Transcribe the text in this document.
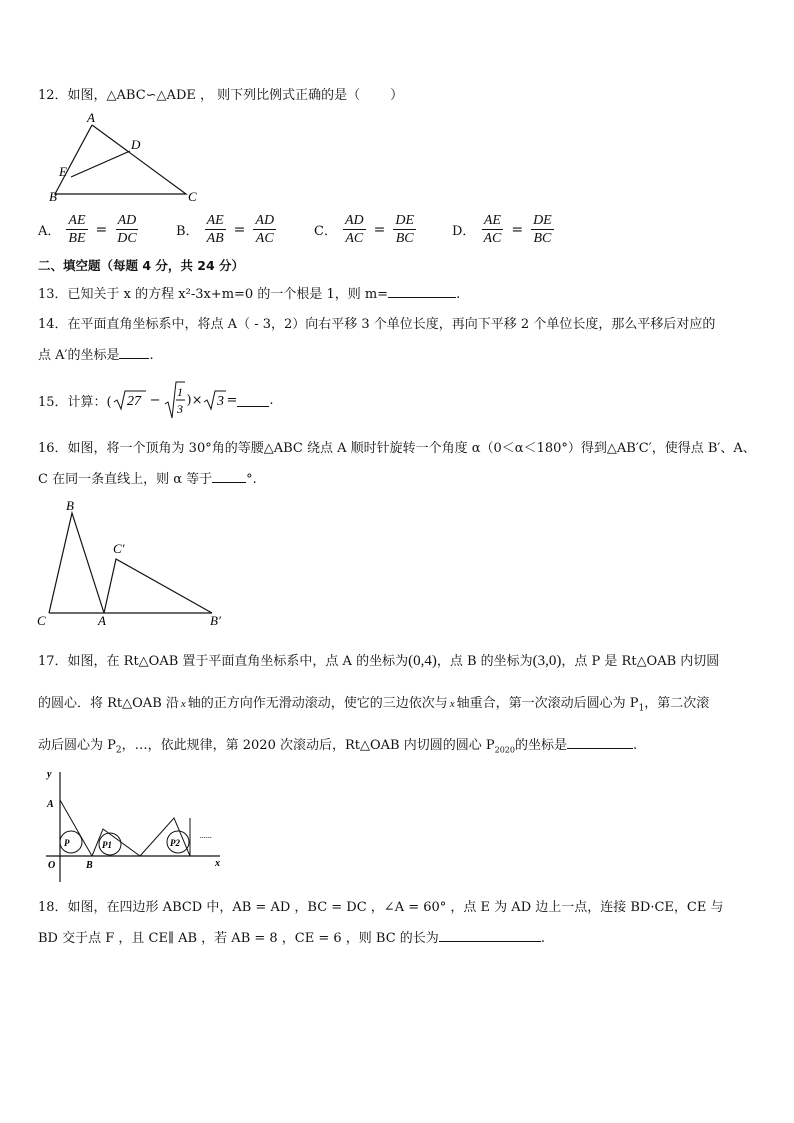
12．如图，△ABC∽△ADE ， 则下列比例式正确的是（ ）
A
B	C
D
E
A． $\frac{AE}{BE} = \frac{AD}{DC}$	B． $\frac{AE}{AB} = \frac{AD}{AC}$	C． $\frac{AD}{AC} = \frac{DE}{BC}$	D． $\frac{AE}{AC} = \frac{DE}{BC}$
二、填空题（每题 4 分，共 24 分）
13．已知关于 x 的方程 x²-3x+m=0 的一个根是 1，则 m=	.
14．在平面直角坐标系中，将点 A（ - 3，2）向右平移 3 个单位长度，再向下平移 2 个单位长度，那么平移后对应的
点 A′的坐标是 .
15．计算：( 27 −
1
3
)× 3 = .
16．如图，将一个顶角为 30°角的等腰△ABC 绕点 A 顺时针旋转一个角度 α（0＜α＜180°）得到△AB′C′，使得点 B′、A、
C 在同一条直线上，则 α 等于	°.
B
C′
C	A	B′
17．如图，在 Rt△OAB 置于平面直角坐标系中，点 A 的坐标为(0,4)，点 B 的坐标为(3,0)，点 P 是 Rt△OAB 内切圆
的圆心．将 Rt△OAB 沿 x 轴的正方向作无滑动滚动，使它的三边依次与 x 轴重合，第一次滚动后圆心为 $P_1$，第二次滚
动后圆心为 $P_2$，…，依此规律，第 2020 次滚动后，Rt△OAB 内切圆的圆心 $P_{2020}$的坐标是	.
y
x
A
O	B
P	P1	P2
......
18．如图，在四边形 ABCD 中，AB = AD ，BC = DC ，∠A = 60° ，点 E 为 AD 边上一点，连接 BD·CE，CE 与
BD 交于点 F ，且 CE∥ AB ，若 AB = 8 ，CE = 6 ，则 BC 的长为	.
